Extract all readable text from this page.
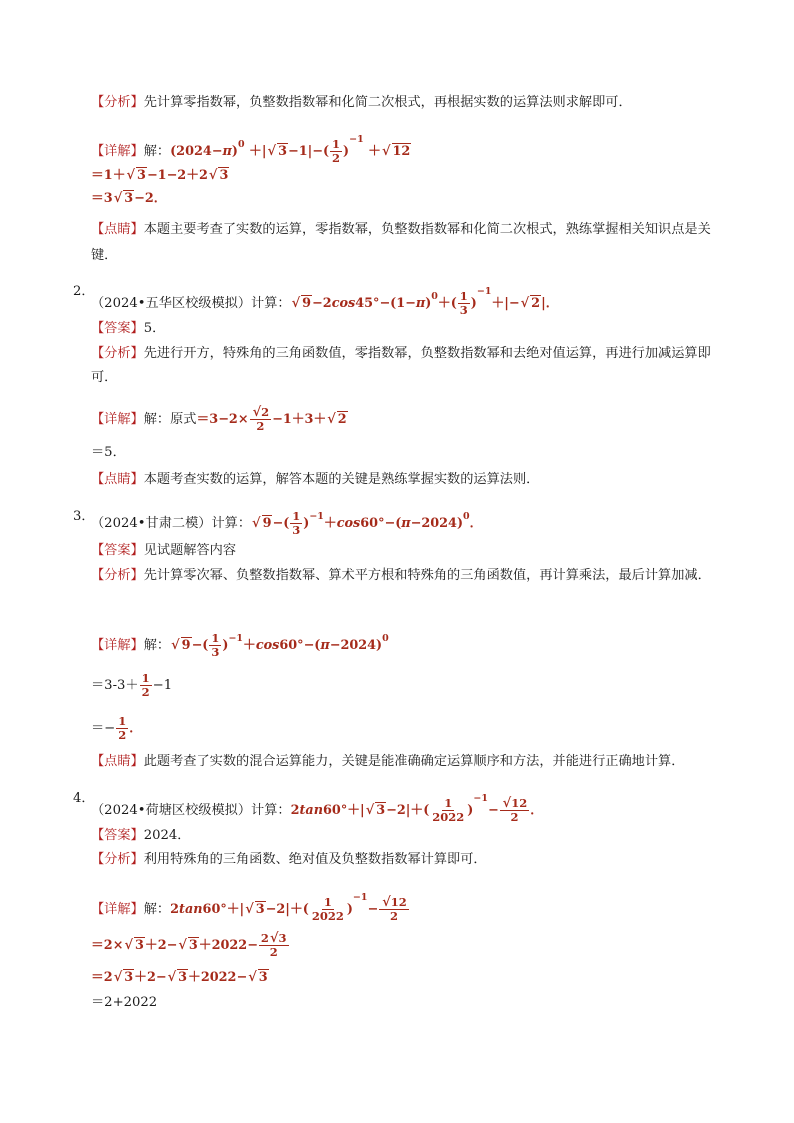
【分析】先计算零指数幂，负整数指数幂和化简二次根式，再根据实数的运算法则求解即可．
【详解】解：$(2024-\pi)^0$ ＋|√ $3-1|-( \frac{1}{2} )^{-1}$ ＋√ 12
＝1＋√ 3−1−2＋2√ 3
＝3√ 3−2．
【点睛】本题主要考查了实数的运算，零指数幂，负整数指数幂和化简二次根式，熟练掌握相关知识点是关键．
2．
（2024•五华区校级模拟）计算：√ $9-2\cos 45^\circ-(1-\pi)^0+( \frac{1}{3} )^{-1}+|-√$ 2|．
【答案】5．
【分析】先进行开方，特殊角的三角函数值，零指数幂，负整数指数幂和去绝对值运算，再进行加减运算即可．
【详解】解：原式$=3-2\times \frac{√2}{2} -1+3+√$ 2
＝5．
【点睛】本题考查实数的运算，解答本题的关键是熟练掌握实数的运算法则．
3．
（2024•甘肃二模）计算：√ $9-( \frac{1}{3} )^{-1}+\cos 60^\circ-(\pi-2024)^0$．
【答案】见试题解答内容
【分析】先计算零次幂、负整数指数幂、算术平方根和特殊角的三角函数值，再计算乘法，最后计算加减．
【详解】解：√ $9-( \frac{1}{3} )^{-1}+\cos 60^\circ-(\pi-2024)^0$
$=3-3+ \frac{1}{2} -1$
＝− $\frac{1}{2}$ ．
【点睛】此题考查了实数的混合运算能力，关键是能准确确定运算顺序和方法，并能进行正确地计算．
4．
（2024•荷塘区校级模拟）计算：2tan60°＋|√ $3-2|+( \frac{1}{2022} )^{-1}- \frac{√12}{2}$ ．
【答案】2024．
【分析】利用特殊角的三角函数、绝对值及负整数指数幂计算即可．
【详解】解：2tan60°＋|√ $3-2|+( \frac{1}{2022} )^{-1}- \frac{√12}{2}$
＝2×√ 3＋2−√ $3+2022- \frac{2√3}{2}$
＝2√ 3＋2−√ 3＋2022−√ 3
＝2+2022
